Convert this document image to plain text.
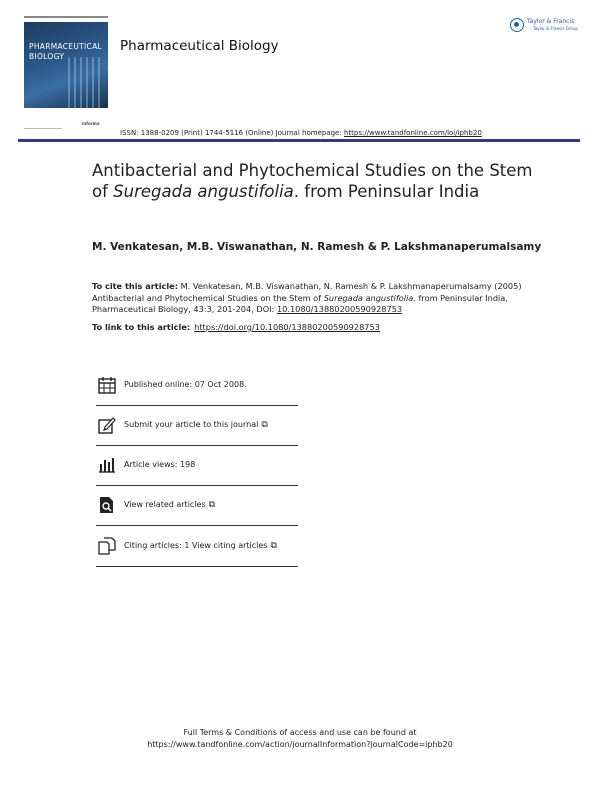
PHARMACEUTICAL
BIOLOGY
informa
Pharmaceutical Biology
Taylor & Francis
Taylor & Francis Group
ISSN: 1388-0209 (Print) 1744-5116 (Online) Journal homepage: https://www.tandfonline.com/loi/iphb20
Antibacterial and Phytochemical Studies on the Stem of Suregada angustifolia. from Peninsular India
M. Venkatesan, M.B. Viswanathan, N. Ramesh & P. Lakshmanaperumalsamy
To cite this article: M. Venkatesan, M.B. Viswanathan, N. Ramesh & P. Lakshmanaperumalsamy (2005) Antibacterial and Phytochemical Studies on the Stem of Suregada angustifolia. from Peninsular India, Pharmaceutical Biology, 43:3, 201-204, DOI: 10.1080/13880200590928753
To link to this article: https://doi.org/10.1080/13880200590928753
Published online: 07 Oct 2008.
Submit your article to this journal ⧉
Article views: 198
View related articles ⧉
Citing articles: 1 View citing articles ⧉
Full Terms & Conditions of access and use can be found at
https://www.tandfonline.com/action/journalInformation?journalCode=iphb20
